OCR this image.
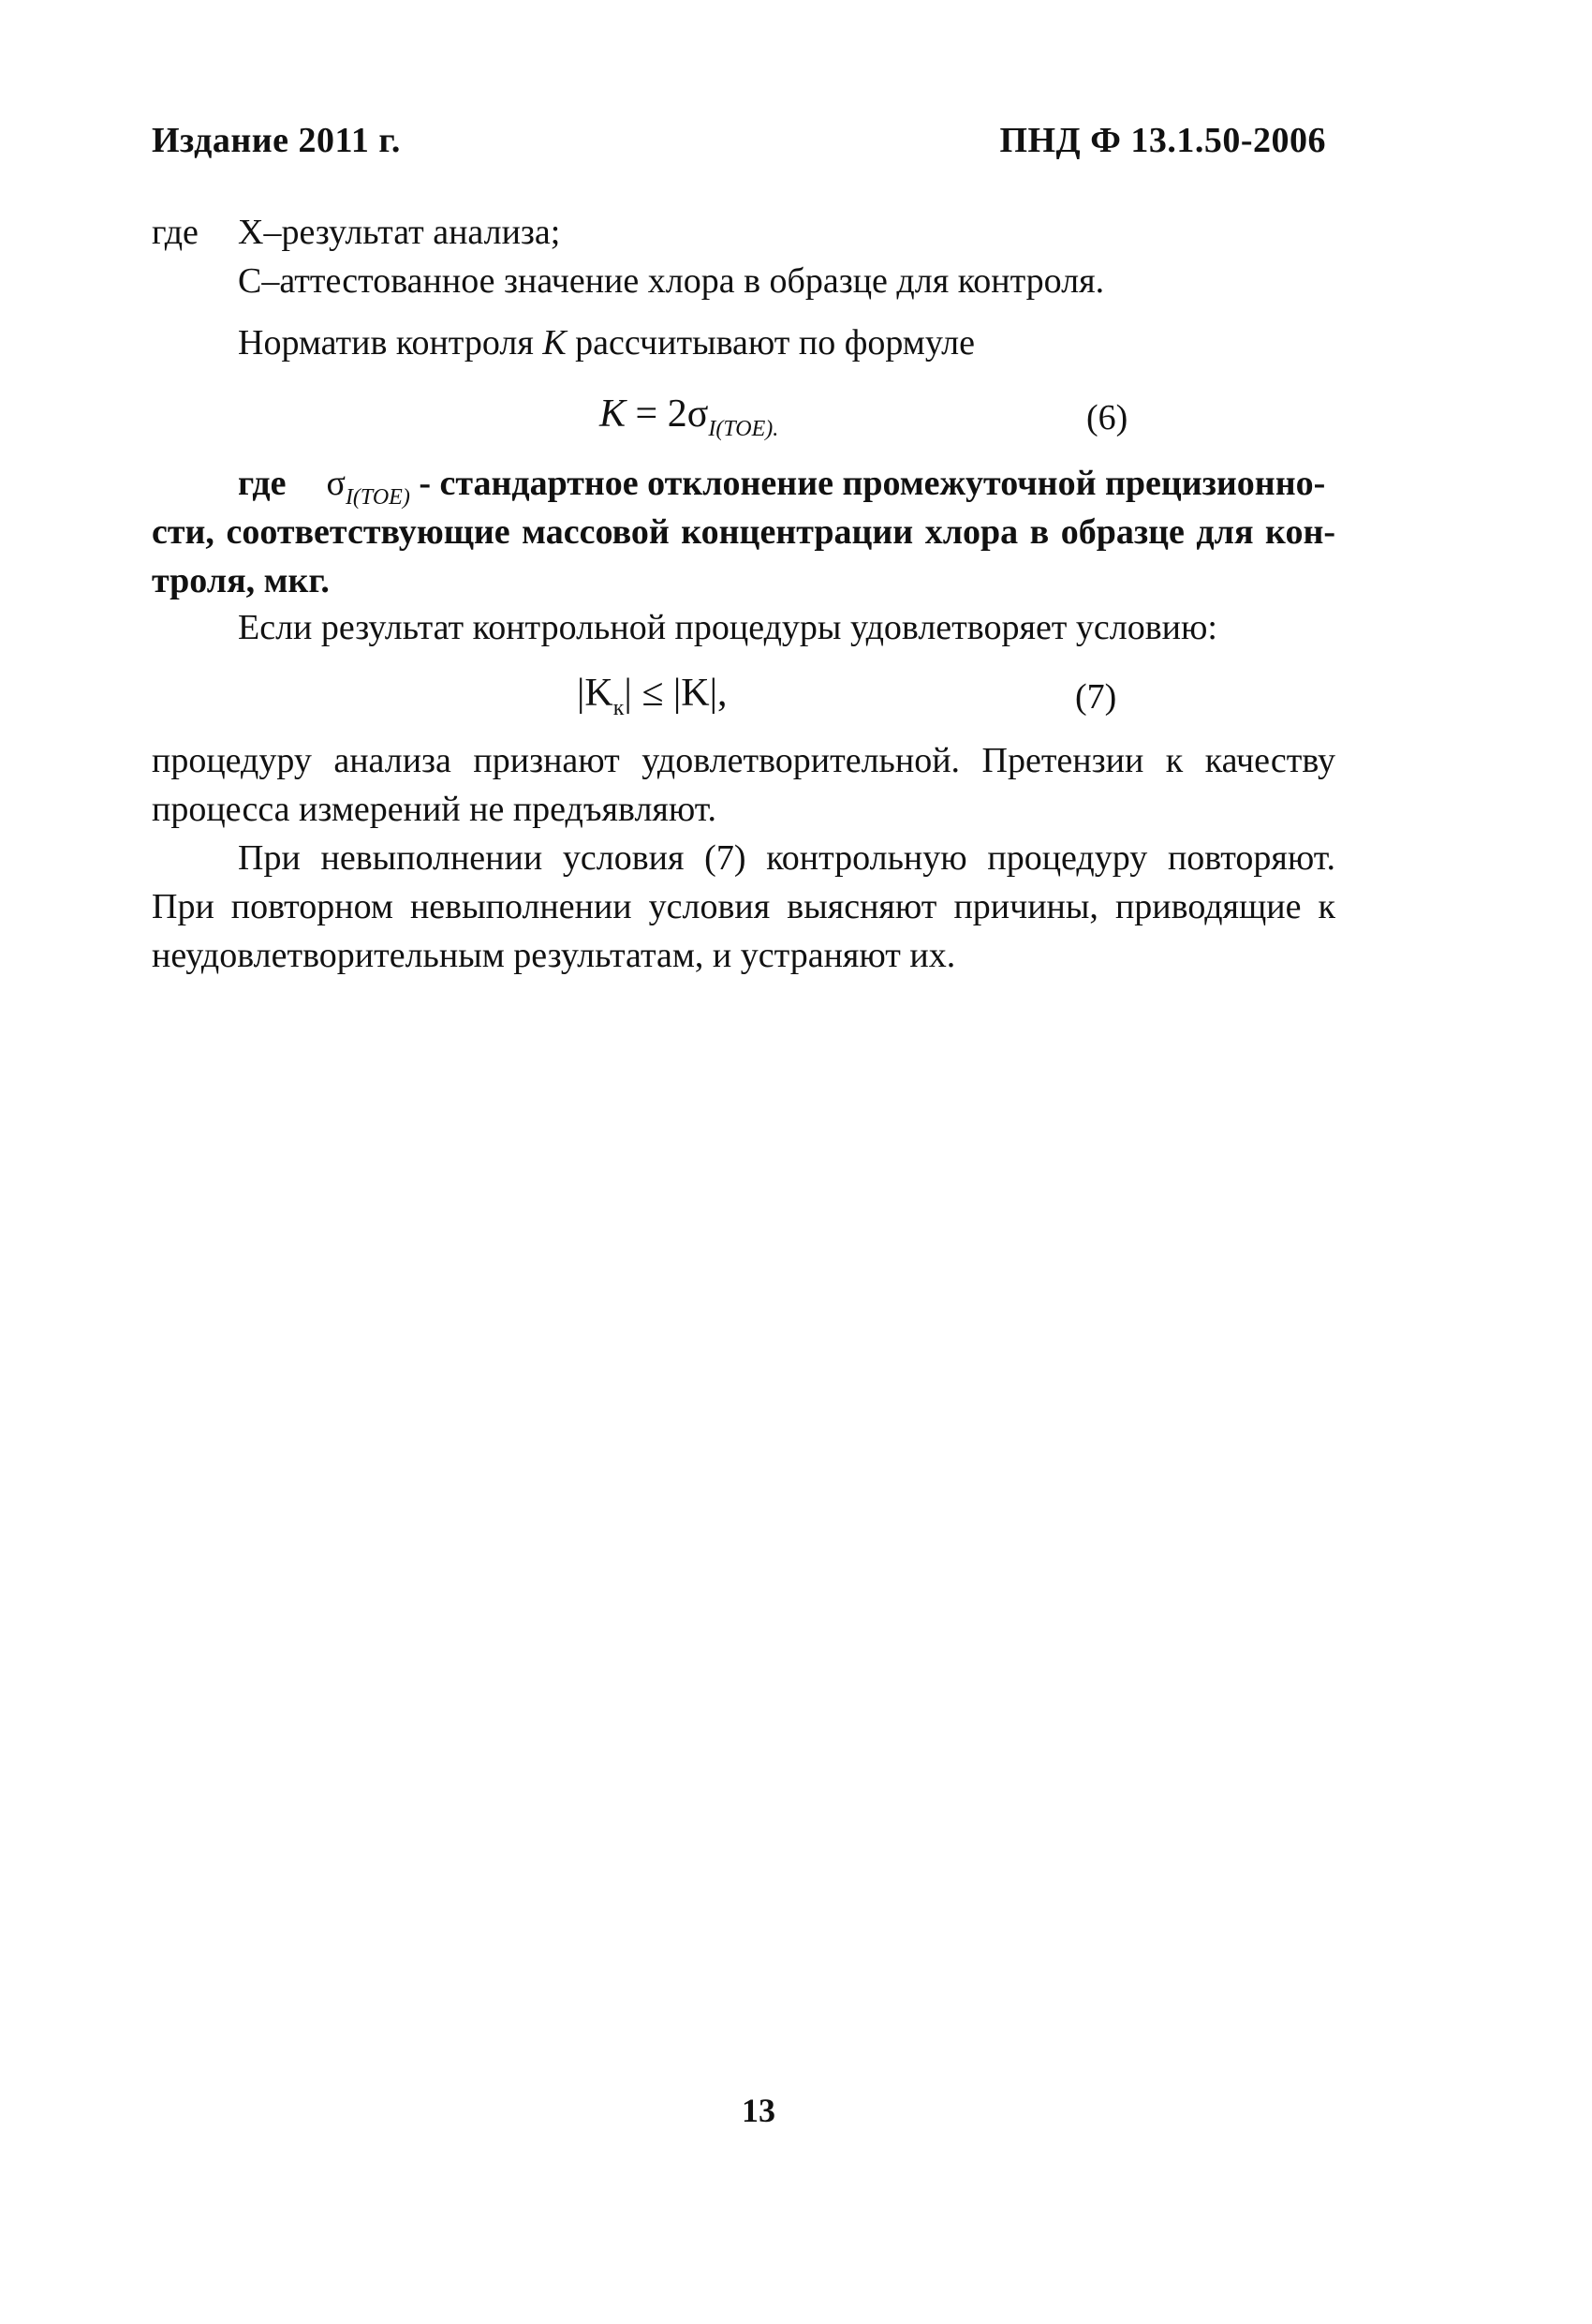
Издание 2011 г.	ПНД Ф 13.1.50-2006
где X–результат анализа;
С–аттестованное значение хлора в образце для контроля.
Норматив контроля K рассчитывают по формуле
$K = 2\sigma_{I(TOE).}$	(6)
где $\sigma_{I(TOE)}$ - стандартное отклонение промежуточной прецизионно-
сти, соответствующие массовой концентрации хлора в образце для кон-
троля, мкг.
Если результат контрольной процедуры удовлетворяет условию:
$|K_к| \le |K|$,	(7)
процедуру анализа признают удовлетворительной. Претензии к качеству
процесса измерений не предъявляют.
При невыполнении условия (7) контрольную процедуру повторяют.
При повторном невыполнении условия выясняют причины, приводящие к
неудовлетворительным результатам, и устраняют их.
13
